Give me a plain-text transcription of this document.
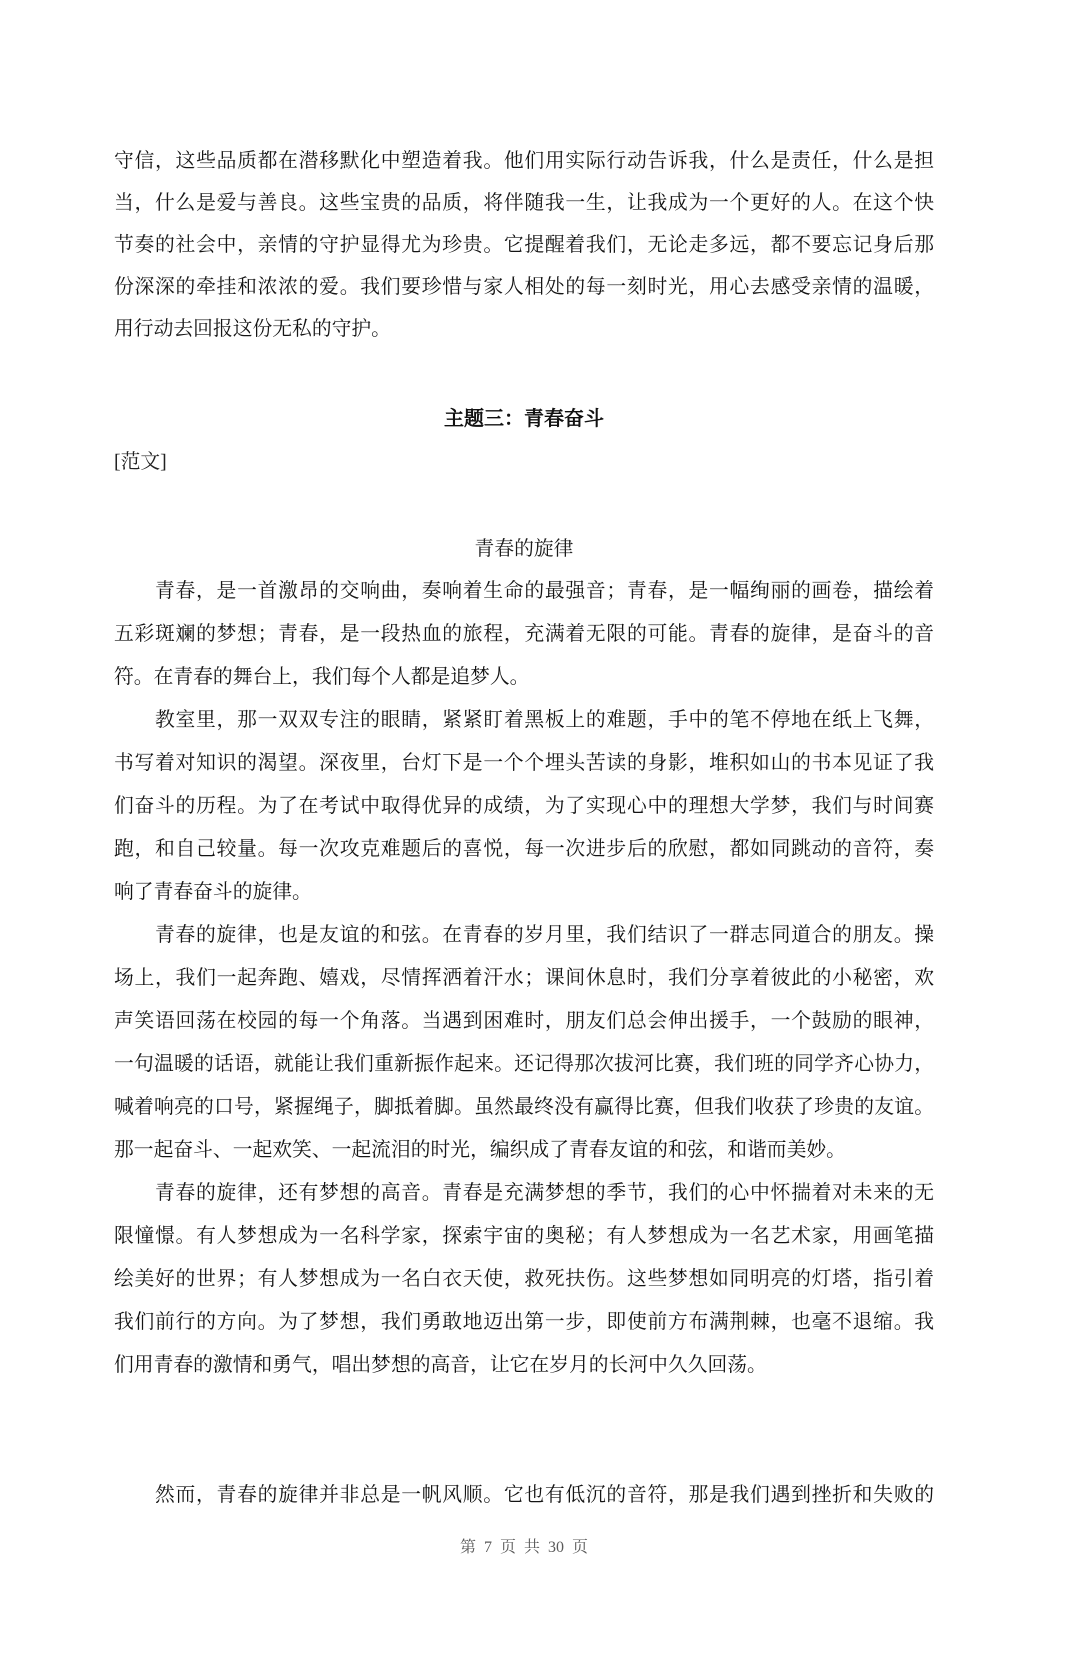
守信，这些品质都在潜移默化中塑造着我。他们用实际行动告诉我，什么是责任，什么是担
当，什么是爱与善良。这些宝贵的品质，将伴随我一生，让我成为一个更好的人。在这个快
节奏的社会中，亲情的守护显得尤为珍贵。它提醒着我们，无论走多远，都不要忘记身后那
份深深的牵挂和浓浓的爱。我们要珍惜与家人相处的每一刻时光，用心去感受亲情的温暖，
用行动去回报这份无私的守护。
主题三：青春奋斗
[范文]
青春的旋律
青春，是一首激昂的交响曲，奏响着生命的最强音；青春，是一幅绚丽的画卷，描绘着
五彩斑斓的梦想；青春，是一段热血的旅程，充满着无限的可能。青春的旋律，是奋斗的音
符。在青春的舞台上，我们每个人都是追梦人。
教室里，那一双双专注的眼睛，紧紧盯着黑板上的难题，手中的笔不停地在纸上飞舞，
书写着对知识的渴望。深夜里，台灯下是一个个埋头苦读的身影，堆积如山的书本见证了我
们奋斗的历程。为了在考试中取得优异的成绩，为了实现心中的理想大学梦，我们与时间赛
跑，和自己较量。每一次攻克难题后的喜悦，每一次进步后的欣慰，都如同跳动的音符，奏
响了青春奋斗的旋律。
青春的旋律，也是友谊的和弦。在青春的岁月里，我们结识了一群志同道合的朋友。操
场上，我们一起奔跑、嬉戏，尽情挥洒着汗水；课间休息时，我们分享着彼此的小秘密，欢
声笑语回荡在校园的每一个角落。当遇到困难时，朋友们总会伸出援手，一个鼓励的眼神，
一句温暖的话语，就能让我们重新振作起来。还记得那次拔河比赛，我们班的同学齐心协力，
喊着响亮的口号，紧握绳子，脚抵着脚。虽然最终没有赢得比赛，但我们收获了珍贵的友谊。
那一起奋斗、一起欢笑、一起流泪的时光，编织成了青春友谊的和弦，和谐而美妙。
青春的旋律，还有梦想的高音。青春是充满梦想的季节，我们的心中怀揣着对未来的无
限憧憬。有人梦想成为一名科学家，探索宇宙的奥秘；有人梦想成为一名艺术家，用画笔描
绘美好的世界；有人梦想成为一名白衣天使，救死扶伤。这些梦想如同明亮的灯塔，指引着
我们前行的方向。为了梦想，我们勇敢地迈出第一步，即使前方布满荆棘，也毫不退缩。我
们用青春的激情和勇气，唱出梦想的高音，让它在岁月的长河中久久回荡。
然而，青春的旋律并非总是一帆风顺。它也有低沉的音符，那是我们遇到挫折和失败的
第 7 页 共 30 页
